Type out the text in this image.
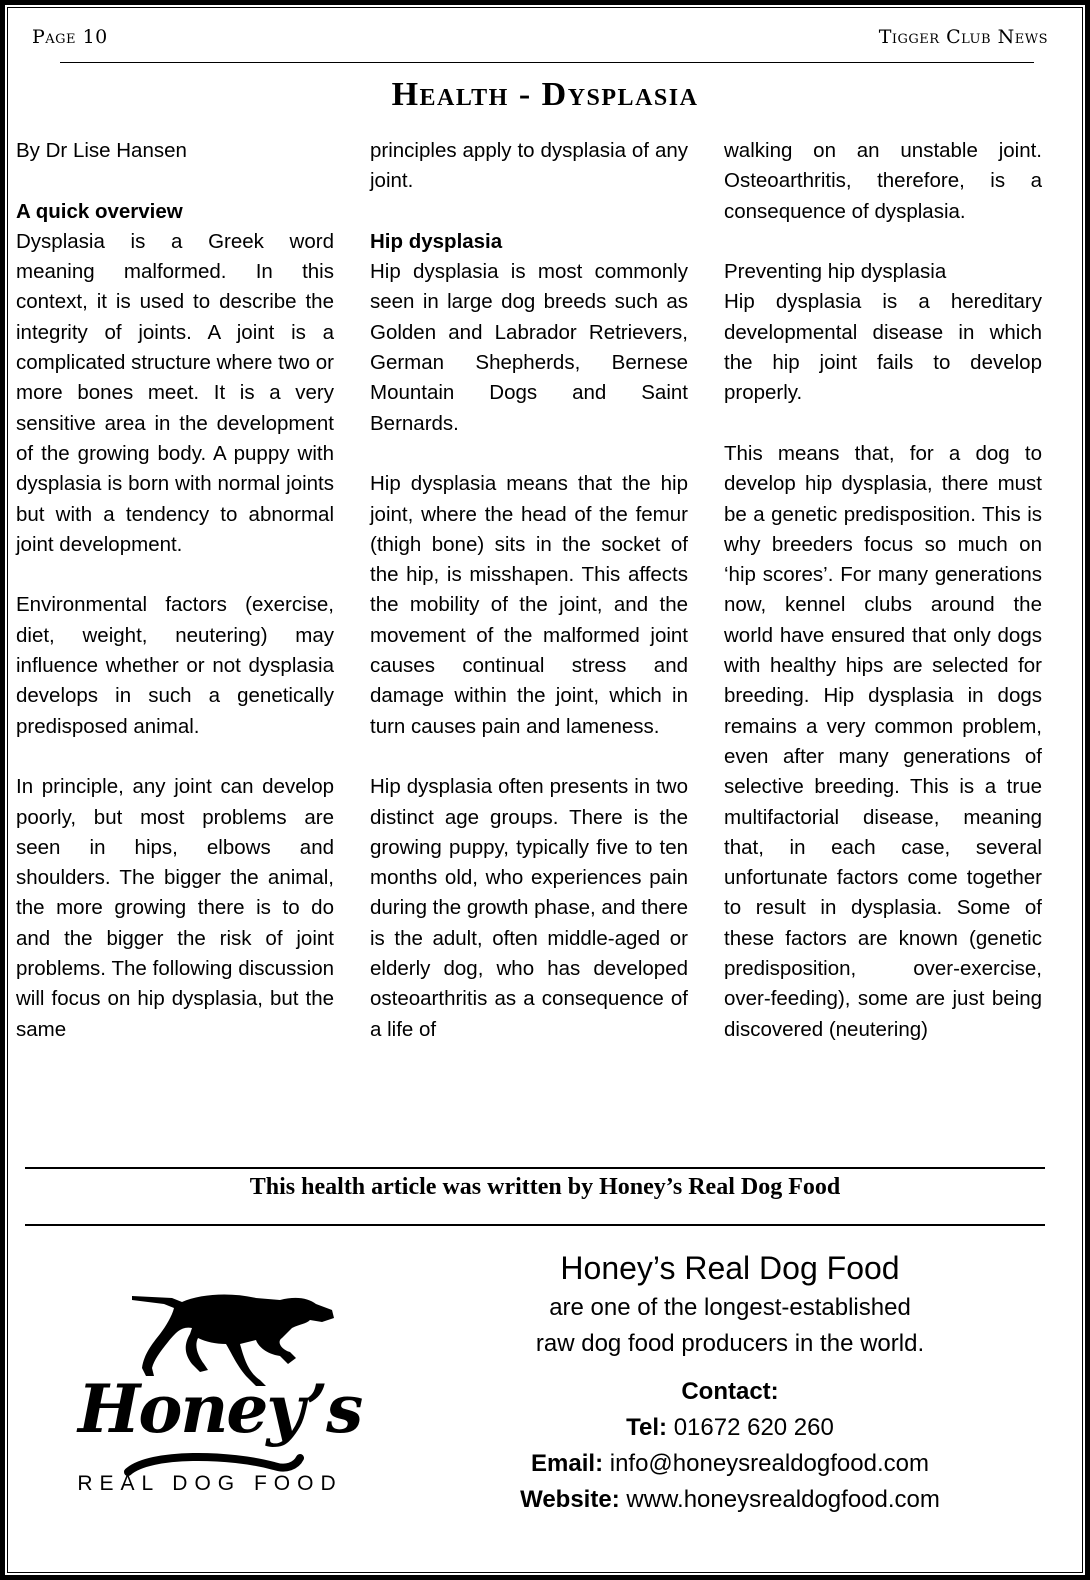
Page 10	Tigger Club News
Health - Dysplasia

By Dr Lise Hansen

A quick overview

Dysplasia is a Greek word meaning malformed. In this context, it is used to describe the integrity of joints. A joint is a complicated structure where two or more bones meet. It is a very sensitive area in the development of the growing body. A puppy with dysplasia is born with normal joints but with a tendency to abnormal joint development.

Environmental factors (exercise, diet, weight, neutering) may influence whether or not dysplasia develops in such a genetically predisposed animal.

In principle, any joint can develop poorly, but most problems are seen in hips, elbows and shoulders. The bigger the animal, the more growing there is to do and the bigger the risk of joint problems. The following discussion will focus on hip dysplasia, but the same

principles apply to dysplasia of any joint.

Hip dysplasia

Hip dysplasia is most commonly seen in large dog breeds such as Golden and Labrador Retrievers, German Shepherds, Bernese Mountain Dogs and Saint Bernards.

Hip dysplasia means that the hip joint, where the head of the femur (thigh bone) sits in the socket of the hip, is misshapen. This affects the mobility of the joint, and the movement of the malformed joint causes continual stress and damage within the joint, which in turn causes pain and lameness.

Hip dysplasia often presents in two distinct age groups. There is the growing puppy, typically five to ten months old, who experiences pain during the growth phase, and there is the adult, often middle-aged or elderly dog, who has developed osteoarthritis as a consequence of a life of

walking on an unstable joint. Osteoarthritis, therefore, is a consequence of dysplasia.

Preventing hip dysplasia

Hip dysplasia is a hereditary developmental disease in which the hip joint fails to develop properly.

This means that, for a dog to develop hip dysplasia, there must be a genetic predisposition. This is why breeders focus so much on ‘hip scores’. For many generations now, kennel clubs around the world have ensured that only dogs with healthy hips are selected for breeding. Hip dysplasia in dogs remains a very common problem, even after many generations of selective breeding. This is a true multifactorial disease, meaning that, in each case, several unfortunate factors come together to result in dysplasia. Some of these factors are known (genetic predisposition, over-exercise, over-feeding), some are just being discovered (neutering)

This health article was written by Honey’s Real Dog Food
Honey’s
REAL DOG FOOD
Honey’s Real Dog Food
are one of the longest-established
raw dog food producers in the world.
Contact:
Tel: 01672 620 260
Email: info@honeysrealdogfood.com
Website: www.honeysrealdogfood.com
